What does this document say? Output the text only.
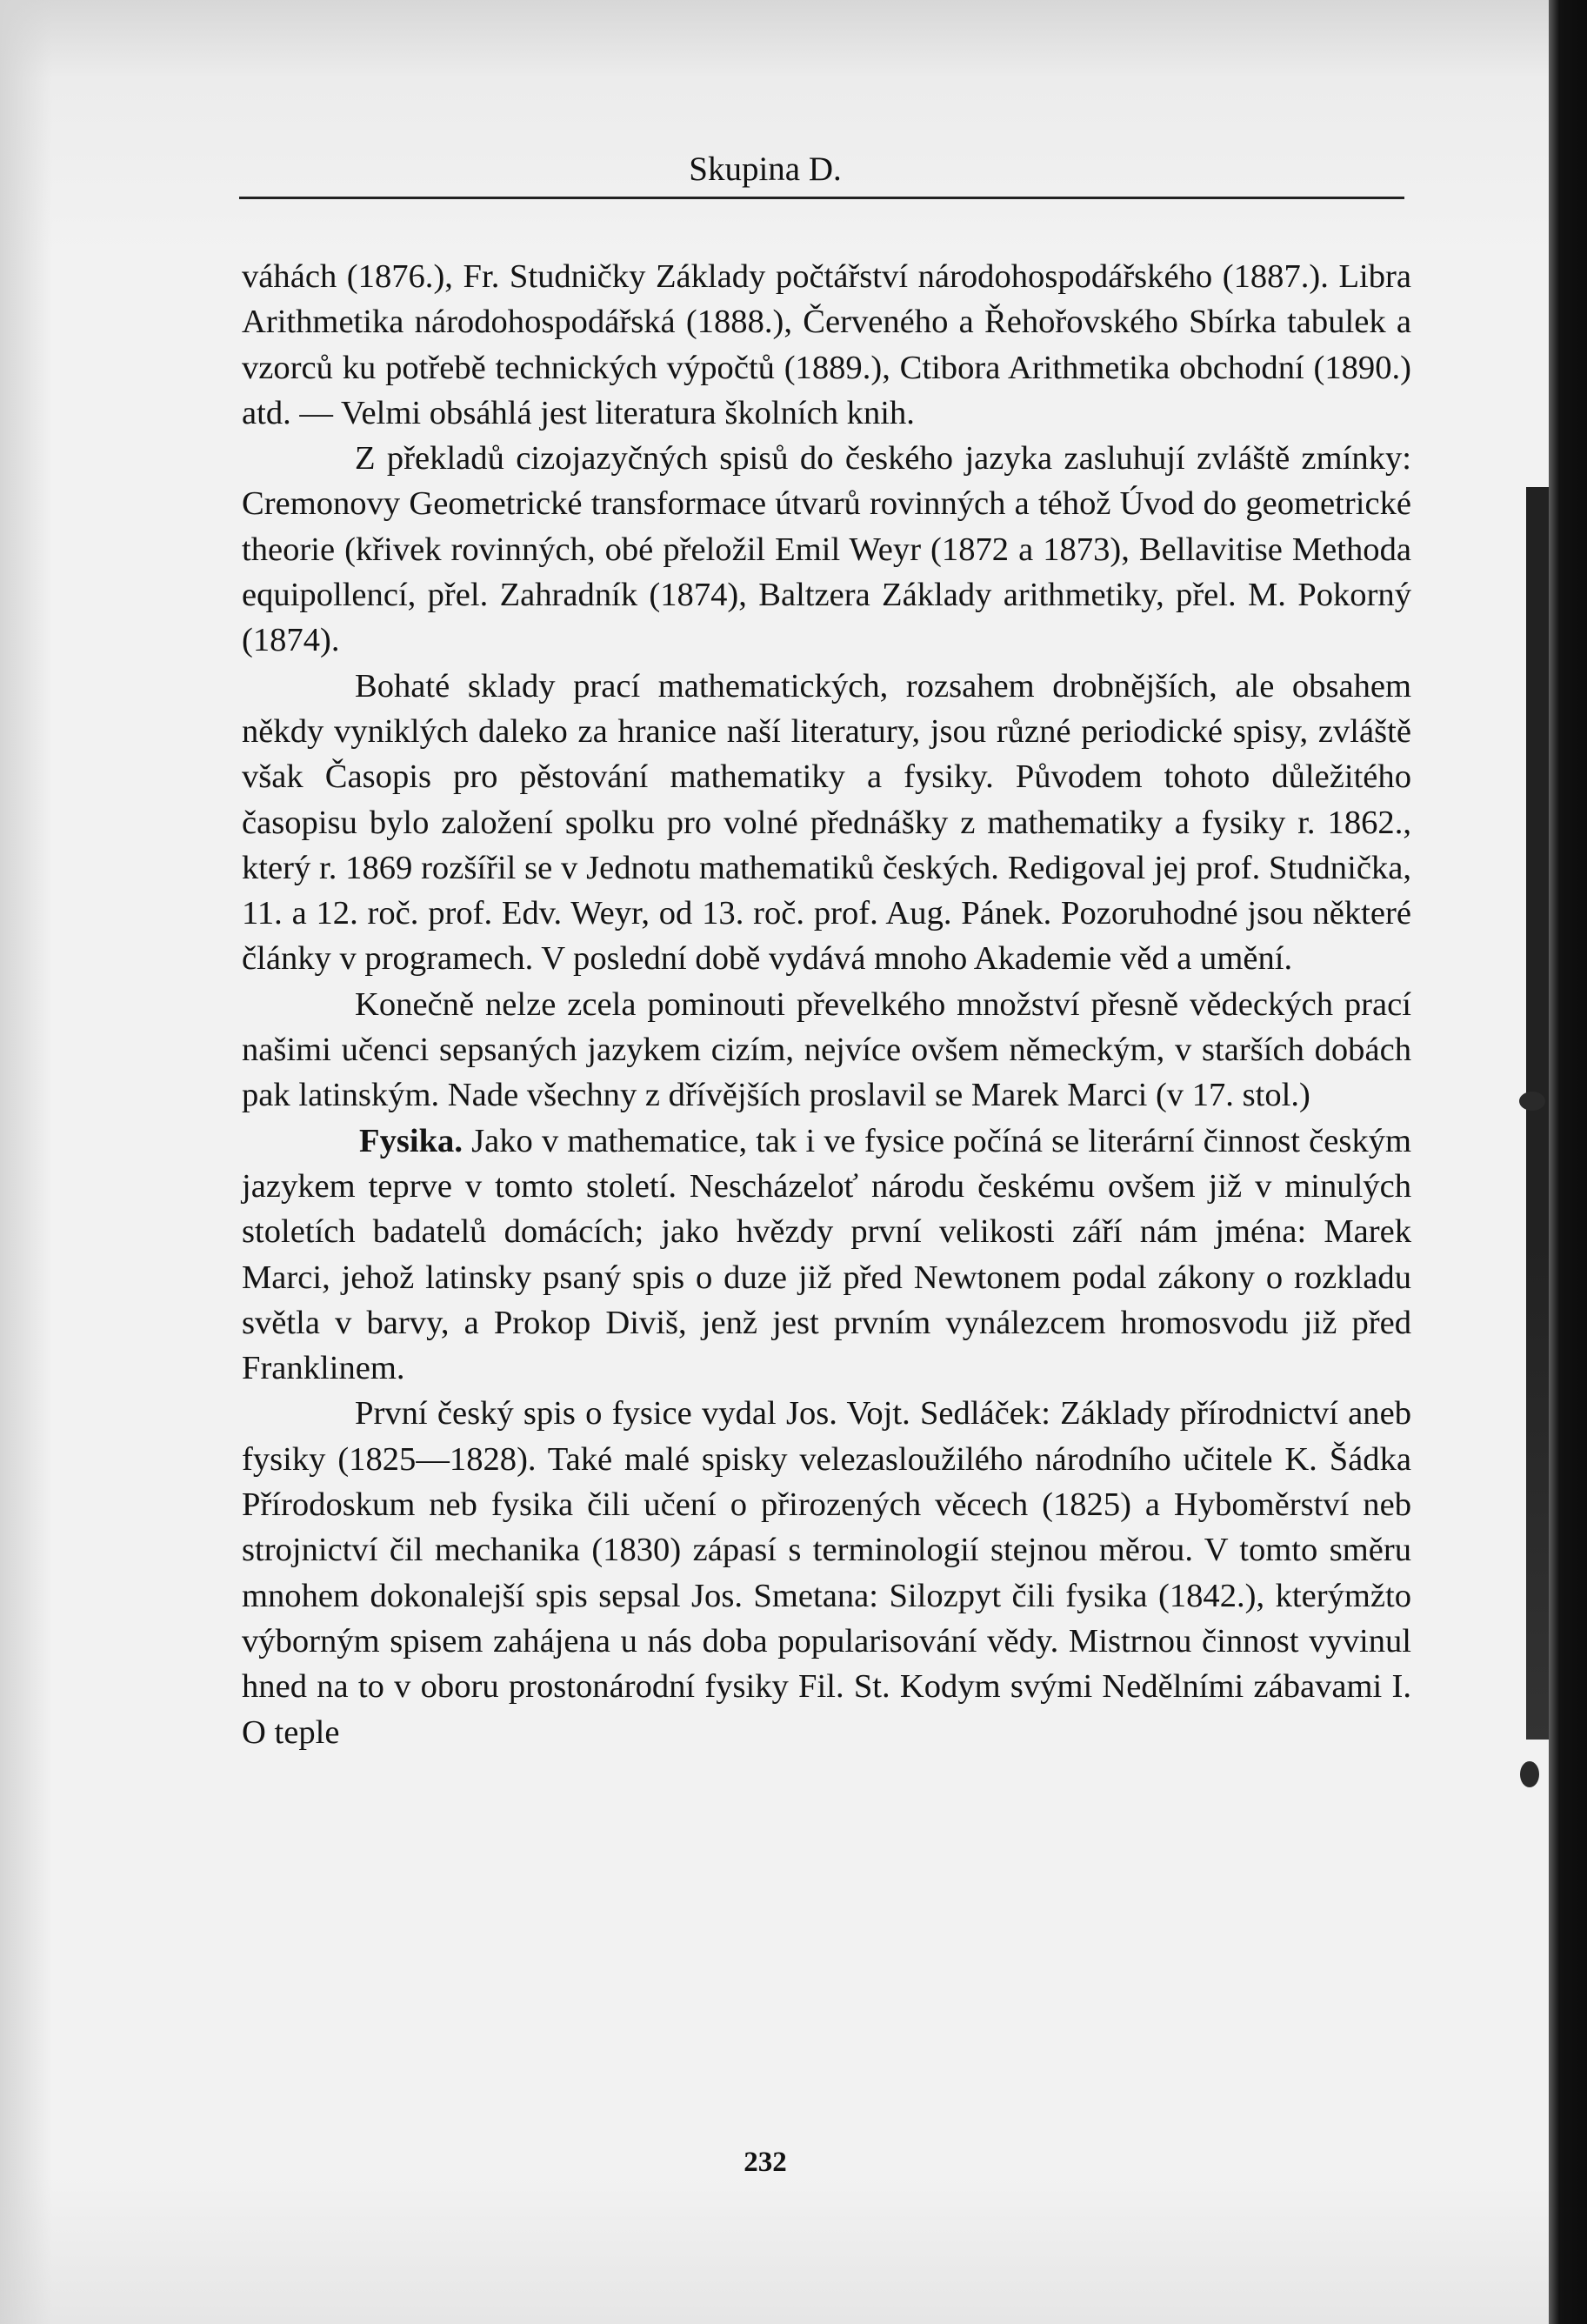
Skupina D.

váhách (1876.), Fr. Studničky Základy počtářství národohospodářského (1887.). Libra Arithmetika národohospodářská (1888.), Červeného a Řehořovského Sbírka tabulek a vzorců ku potřebě technických výpočtů (1889.), Ctibora Arithmetika obchodní (1890.) atd. — Velmi obsáhlá jest literatura školních knih.

Z překladů cizojazyčných spisů do českého jazyka zasluhují zvláště zmínky: Cremonovy Geometrické transformace útvarů rovinných a téhož Úvod do geometrické theorie (křivek rovinných, obé přeložil Emil Weyr (1872 a 1873), Bellavitise Methoda equipollencí, přel. Zahradník (1874), Baltzera Základy arithmetiky, přel. M. Pokorný (1874).

Bohaté sklady prací mathematických, rozsahem drobnějších, ale obsahem někdy vyniklých daleko za hranice naší literatury, jsou různé periodické spisy, zvláště však Časopis pro pěstování mathematiky a fysiky. Původem tohoto důležitého časopisu bylo založení spolku pro volné přednášky z mathematiky a fysiky r. 1862., který r. 1869 rozšířil se v Jednotu mathematiků českých. Redigoval jej prof. Studnička, 11. a 12. roč. prof. Edv. Weyr, od 13. roč. prof. Aug. Pánek. Pozoruhodné jsou některé články v programech. V poslední době vydává mnoho Akademie věd a umění.

Konečně nelze zcela pominouti převelkého množství přesně vědeckých prací našimi učenci sepsaných jazykem cizím, nejvíce ovšem německým, v starších dobách pak latinským. Nade všechny z dřívějších proslavil se Marek Marci (v 17. stol.)

Fysika. Jako v mathematice, tak i ve fysice počíná se literární činnost českým jazykem teprve v tomto století. Nescházeloť národu českému ovšem již v minulých stoletích badatelů domácích; jako hvězdy první velikosti září nám jména: Marek Marci, jehož latinsky psaný spis o duze již před Newtonem podal zákony o rozkladu světla v barvy, a Prokop Diviš, jenž jest prvním vynálezcem hromosvodu již před Franklinem.

První český spis o fysice vydal Jos. Vojt. Sedláček: Základy přírodnictví aneb fysiky (1825—1828). Také malé spisky velezasloužilého národního učitele K. Šádka Přírodoskum neb fysika čili učení o přirozených věcech (1825) a Hyboměrství neb strojnictví čil mechanika (1830) zápasí s terminologií stejnou měrou. V tomto směru mnohem dokonalejší spis sepsal Jos. Smetana: Silozpyt čili fysika (1842.), kterýmžto výborným spisem zahájena u nás doba popularisování vědy. Mistrnou činnost vyvinul hned na to v oboru prostonárodní fysiky Fil. St. Kodym svými Nedělními zábavami I. O teple

232
